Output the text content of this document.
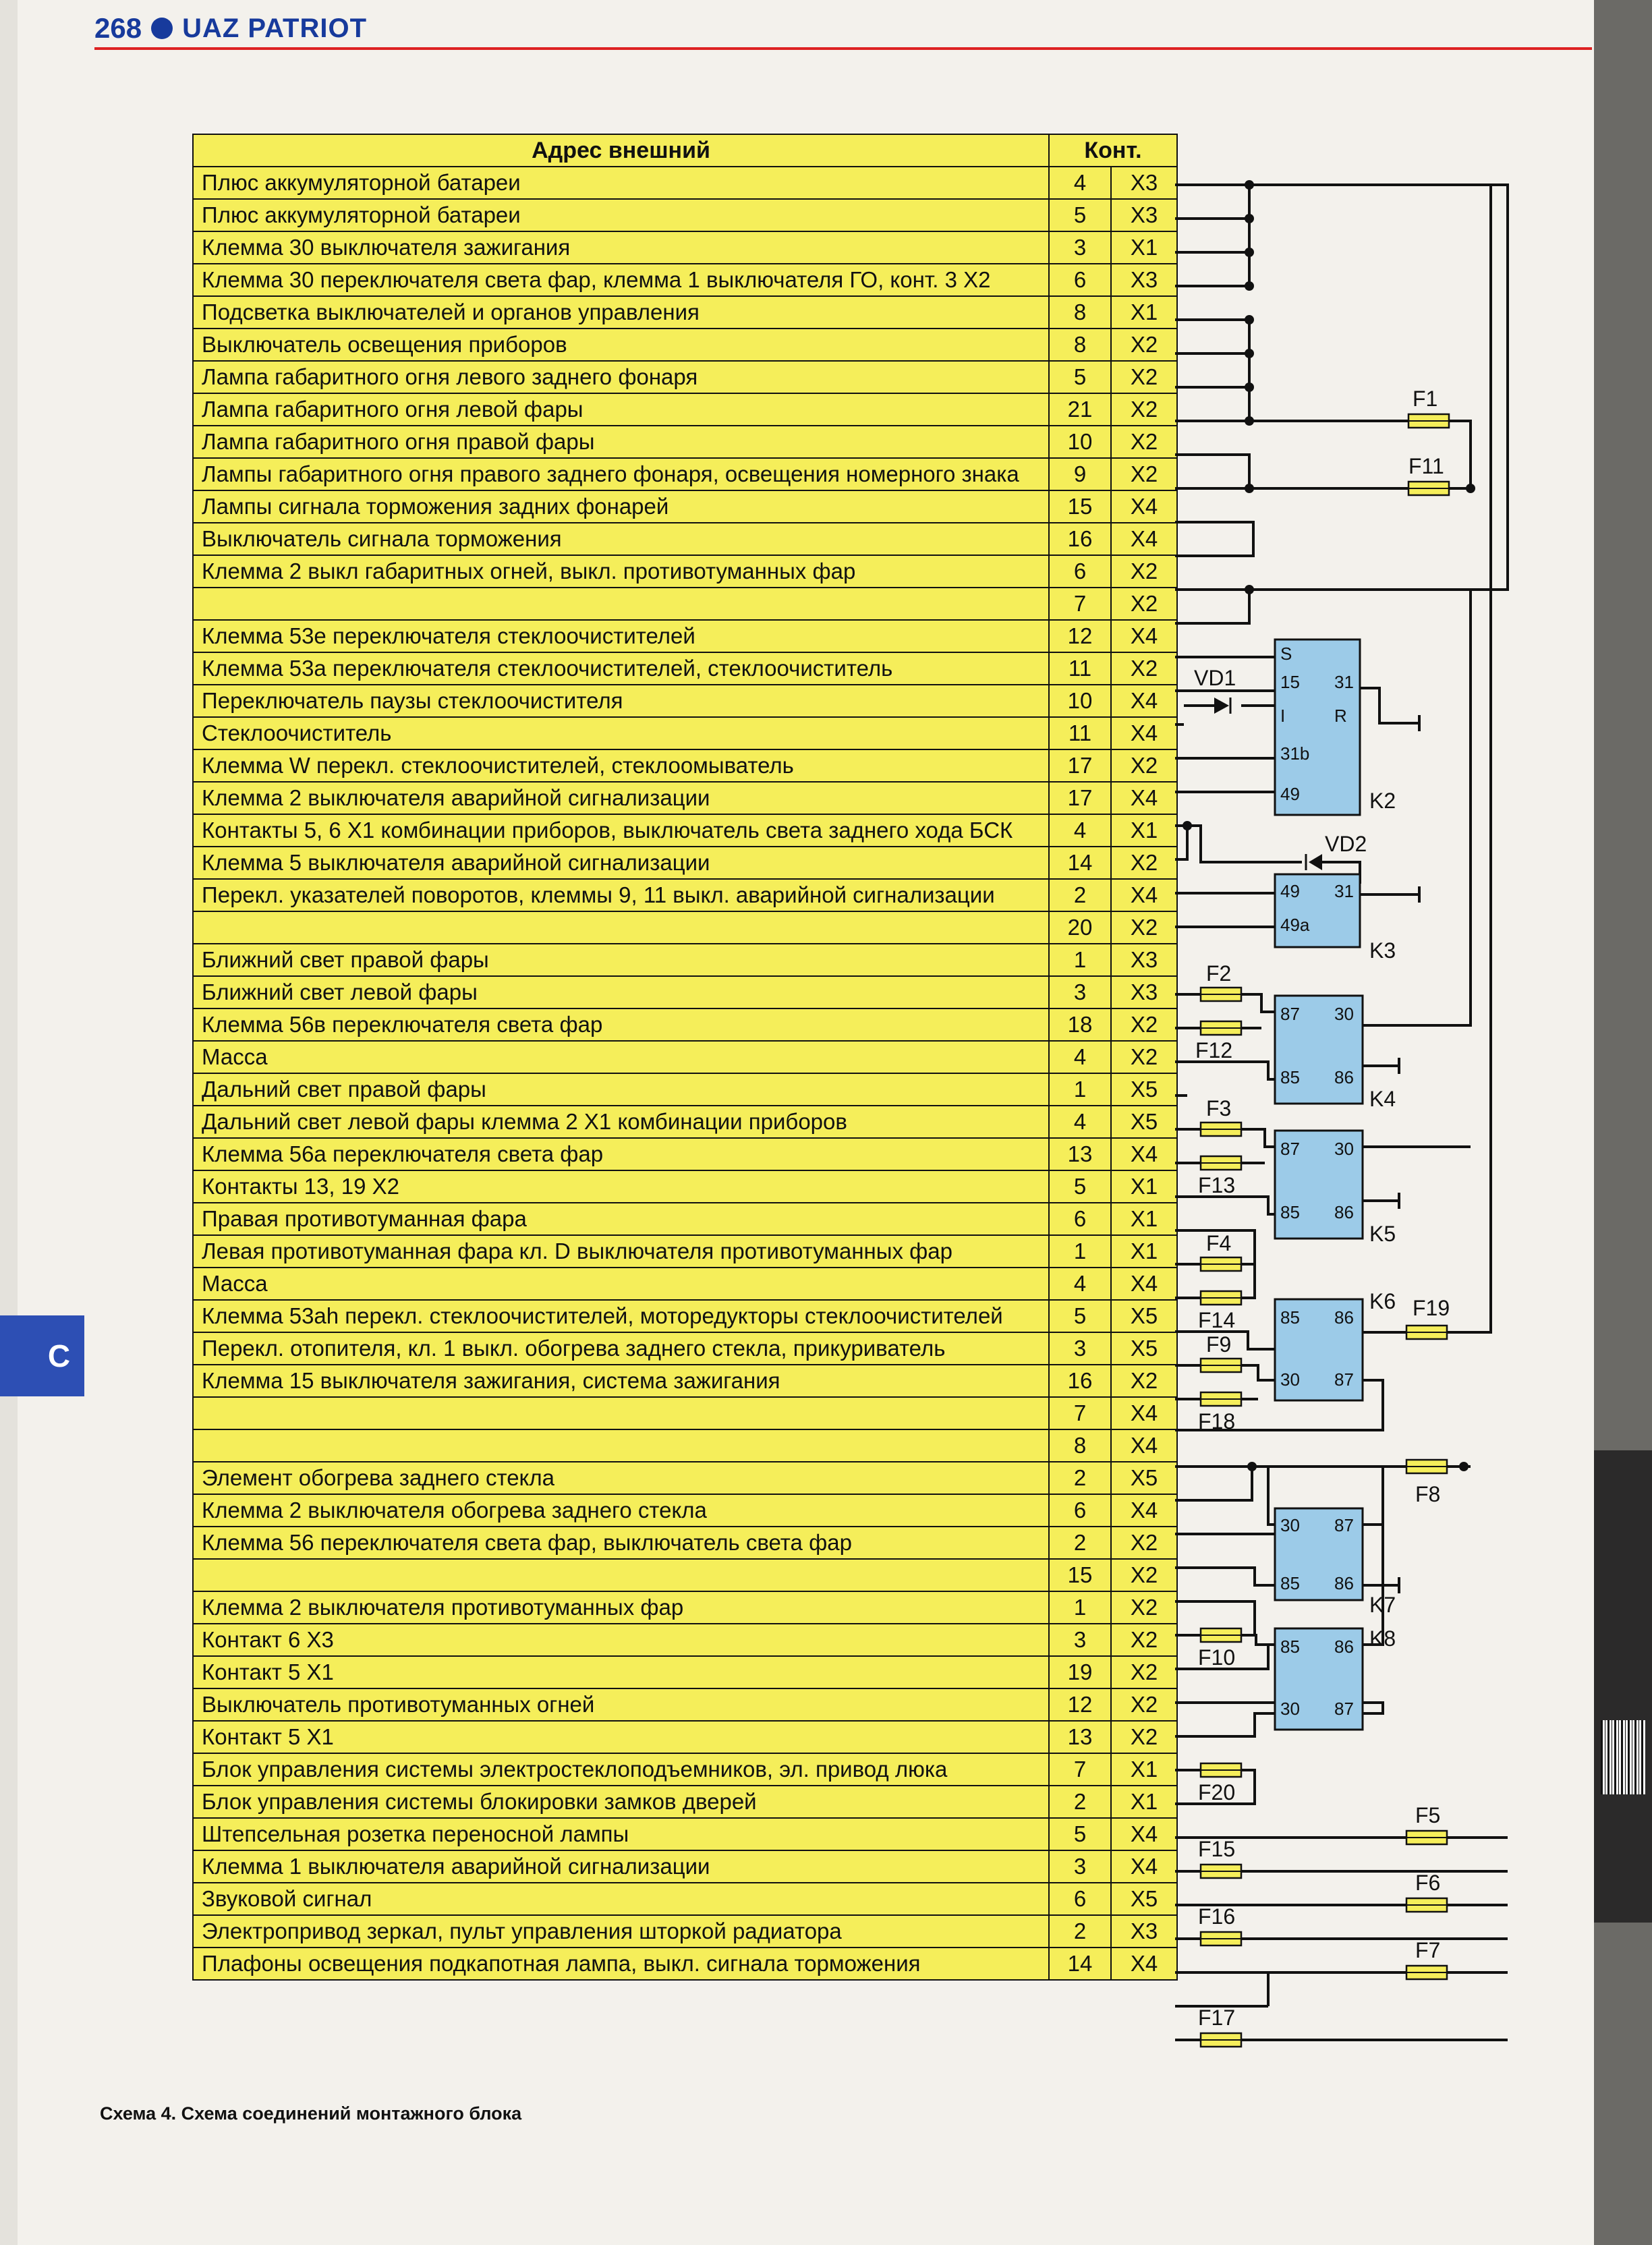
C
268 UAZ PATRIOT
Адрес внешний	Конт.	
Плюс аккумуляторной батареи	4	X3
Плюс аккумуляторной батареи	5	X3
Клемма 30 выключателя зажигания	3	X1
Клемма 30 переключателя света фар, клемма 1 выключателя ГО, конт. 3 X2	6	X3
Подсветка выключателей и органов управления	8	X1
Выключатель освещения приборов	8	X2
Лампа габаритного огня левого заднего фонаря	5	X2
Лампа габаритного огня левой фары	21	X2
Лампа габаритного огня правой фары	10	X2
Лампы габаритного огня правого заднего фонаря, освещения номерного знака	9	X2
Лампы сигнала торможения задних фонарей	15	X4
Выключатель сигнала торможения	16	X4
Клемма 2 выкл габаритных огней, выкл. противотуманных фар	6	X2
	7	X2
Клемма 53е переключателя стеклоочистителей	12	X4
Клемма 53а переключателя стеклоочистителей, стеклоочиститель	11	X2
Переключатель паузы стеклоочистителя	10	X4
Стеклоочиститель	11	X4
Клемма W перекл. стеклоочистителей, стеклоомыватель	17	X2
Клемма 2 выключателя аварийной сигнализации	17	X4
Контакты 5, 6 X1 комбинации приборов, выключатель света заднего хода БСК	4	X1
Клемма 5 выключателя аварийной сигнализации	14	X2
Перекл. указателей поворотов, клеммы 9, 11 выкл. аварийной сигнализации	2	X4
	20	X2
Ближний свет правой фары	1	X3
Ближний свет левой фары	3	X3
Клемма 56в переключателя света фар	18	X2
Масса	4	X2
Дальний свет правой фары	1	X5
Дальний свет левой фары клемма 2 X1 комбинации приборов	4	X5
Клемма 56а переключателя света фар	13	X4
Контакты 13, 19 X2	5	X1
Правая противотуманная фара	6	X1
Левая противотуманная фара кл. D выключателя противотуманных фар	1	X1
Масса	4	X4
Клемма 53ah перекл. стеклоочистителей, моторедукторы стеклоочистителей	5	X5
Перекл. отопителя, кл. 1 выкл. обогрева заднего стекла, прикуриватель	3	X5
Клемма 15 выключателя зажигания, система зажигания	16	X2
	7	X4
	8	X4
Элемент обогрева заднего стекла	2	X5
Клемма 2 выключателя обогрева заднего стекла	6	X4
Клемма 56 переключателя света фар, выключатель света фар	2	X2
	15	X2
Клемма 2 выключателя противотуманных фар	1	X2
Контакт 6 X3	3	X2
Контакт 5 X1	19	X2
Выключатель противотуманных огней	12	X2
Контакт 5 X1	13	X2
Блок управления системы электростеклоподъемников, эл. привод люка	7	X1
Блок управления системы блокировки замков дверей	2	X1
Штепсельная розетка переносной лампы	5	X4
Клемма 1 выключателя аварийной сигнализации	3	X4
Звуковой сигнал	6	X5
Электропривод зеркал, пульт управления шторкой радиатора	2	X3
Плафоны освещения подкапотная лампа, выкл. сигнала торможения	14	X4
F1
F11
F2
F12
F3
F13
F4
F14	F19
F9
F18
F8
F10
F20
F5
F15
F6
F16
F7
F17
S
15 31
I	R
31b
49	K2
49 31
49a
K3
87 30
85 86
K4
87 30
85 86
K5
85 86
30 87
K6
30 87
85 86
K7
85 86
30 87
K8
VD1
VD2
Схема 4. Схема соединений монтажного блока
